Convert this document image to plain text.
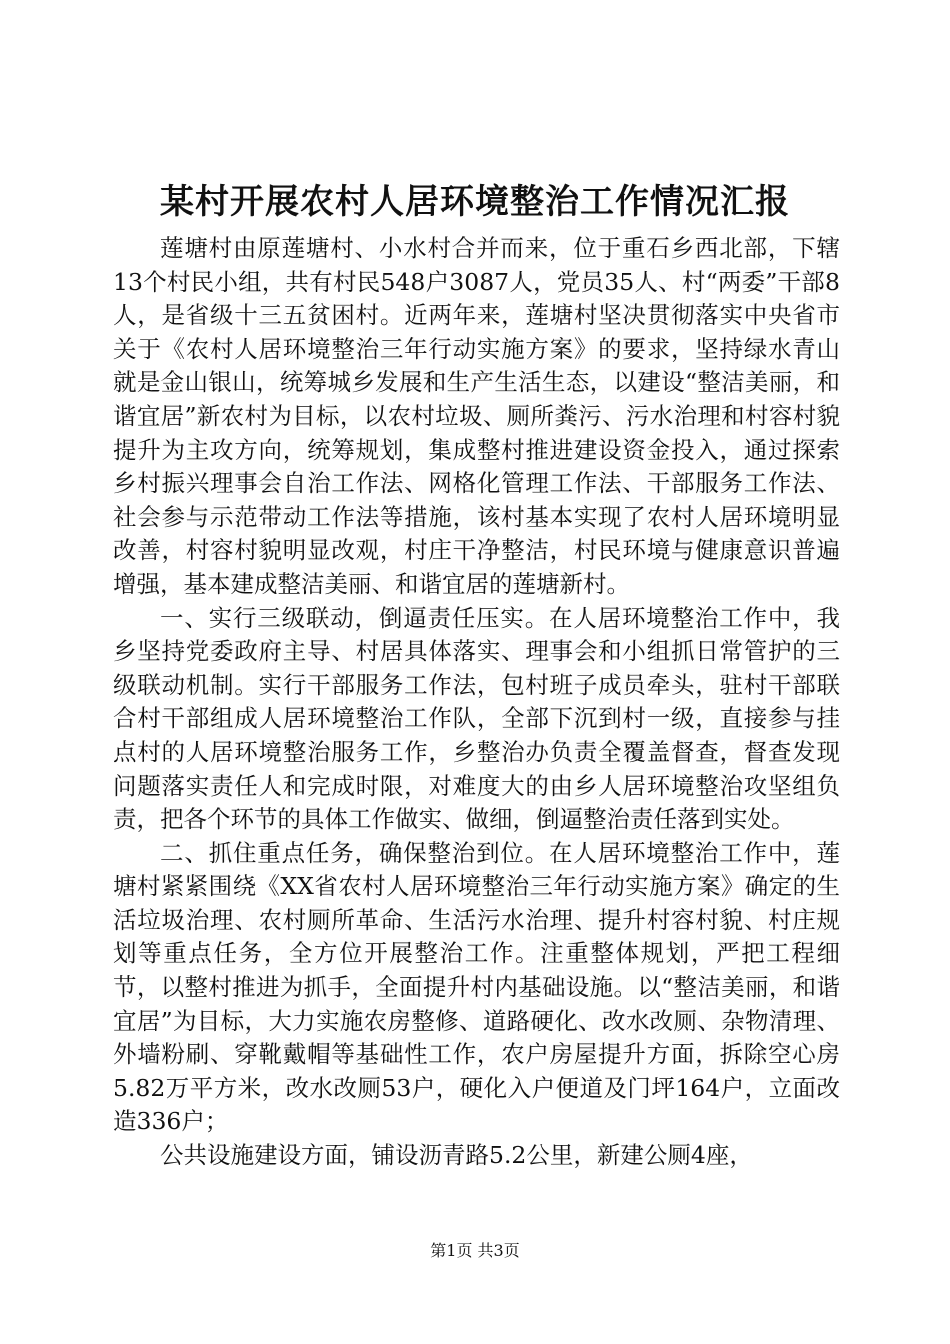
某村开展农村人居环境整治工作情况汇报

莲塘村由原莲塘村、小水村合并而来，位于重石乡西北部，下辖13个村民小组，共有村民548户3087人，党员35人、村“两委”干部8人，是省级十三五贫困村。近两年来，莲塘村坚决贯彻落实中央省市关于《农村人居环境整治三年行动实施方案》的要求，坚持绿水青山就是金山银山，统筹城乡发展和生产生活生态，以建设“整洁美丽，和谐宜居”新农村为目标，以农村垃圾、厕所粪污、污水治理和村容村貌提升为主攻方向，统筹规划，集成整村推进建设资金投入，通过探索乡村振兴理事会自治工作法、网格化管理工作法、干部服务工作法、社会参与示范带动工作法等措施，该村基本实现了农村人居环境明显改善，村容村貌明显改观，村庄干净整洁，村民环境与健康意识普遍增强，基本建成整洁美丽、和谐宜居的莲塘新村。

一、实行三级联动，倒逼责任压实。在人居环境整治工作中，我乡坚持党委政府主导、村居具体落实、理事会和小组抓日常管护的三级联动机制。实行干部服务工作法，包村班子成员牵头，驻村干部联合村干部组成人居环境整治工作队，全部下沉到村一级，直接参与挂点村的人居环境整治服务工作，乡整治办负责全覆盖督查，督查发现问题落实责任人和完成时限，对难度大的由乡人居环境整治攻坚组负责，把各个环节的具体工作做实、做细，倒逼整治责任落到实处。

二、抓住重点任务，确保整治到位。在人居环境整治工作中，莲塘村紧紧围绕《XX省农村人居环境整治三年行动实施方案》确定的生活垃圾治理、农村厕所革命、生活污水治理、提升村容村貌、村庄规划等重点任务，全方位开展整治工作。注重整体规划，严把工程细节，以整村推进为抓手，全面提升村内基础设施。以“整洁美丽，和谐宜居”为目标，大力实施农房整修、道路硬化、改水改厕、杂物清理、外墙粉刷、穿靴戴帽等基础性工作，农户房屋提升方面，拆除空心房5.82万平方米，改水改厕53户，硬化入户便道及门坪164户，立面改造336户；

公共设施建设方面，铺设沥青路5.2公里，新建公厕4座，

第1页 共3页
